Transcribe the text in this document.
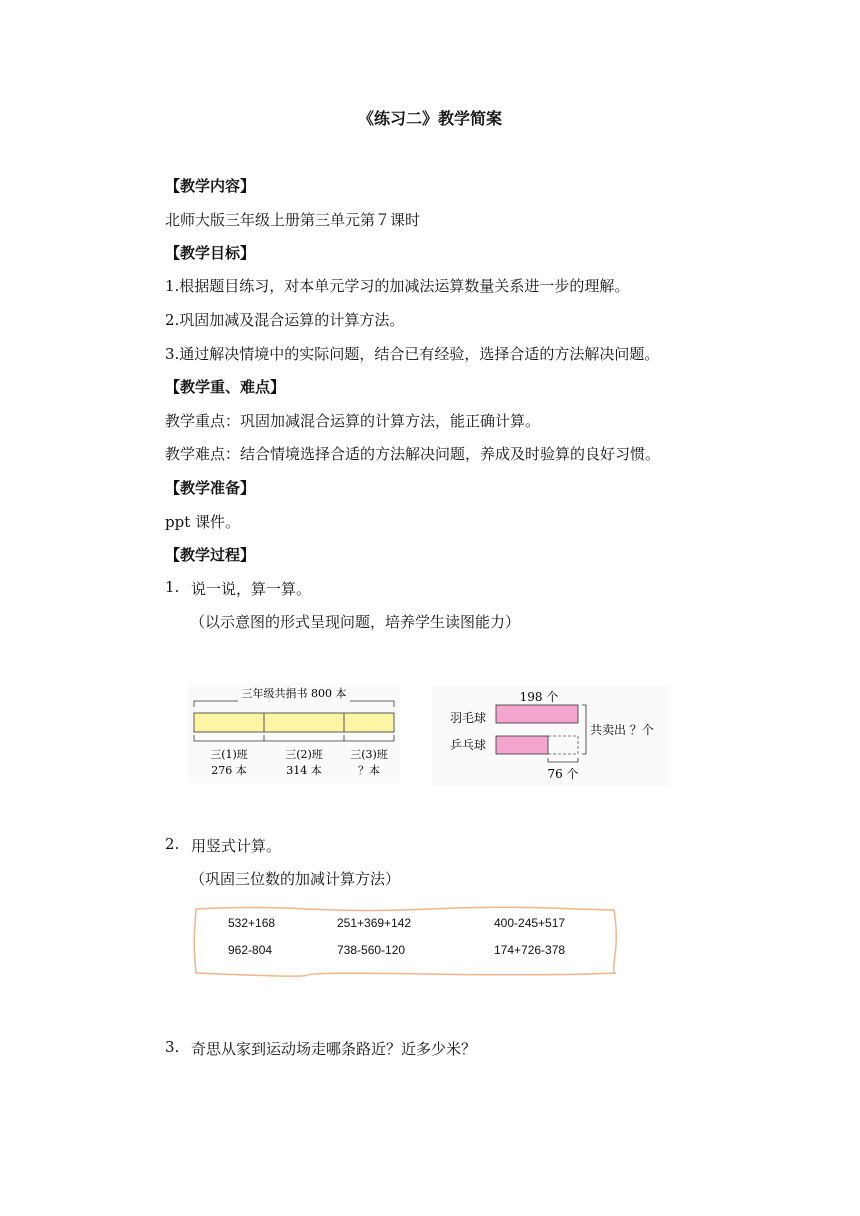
《练习二》教学简案
【教学内容】
北师大版三年级上册第三单元第７课时
【教学目标】
1.根据题目练习，对本单元学习的加减法运算数量关系进一步的理解。
2.巩固加减及混合运算的计算方法。
3.通过解决情境中的实际问题，结合已有经验，选择合适的方法解决问题。
【教学重、难点】
教学重点：巩固加减混合运算的计算方法，能正确计算。
教学难点：结合情境选择合适的方法解决问题，养成及时验算的良好习惯。
【教学准备】
ppt 课件。
【教学过程】
1. 说一说，算一算。
（以示意图的形式呈现问题，培养学生读图能力）
三年级共捐书 800 本
三(1)班
276 本
三(2)班
314 本
三(3)班
？本
198 个
羽毛球
乒乓球
共卖出 ？个
76 个
2. 用竖式计算。
（巩固三位数的加减计算方法）
532+168	251+369+142	400-245+517
962-804	738-560-120	174+726-378
3. 奇思从家到运动场走哪条路近？近多少米？
